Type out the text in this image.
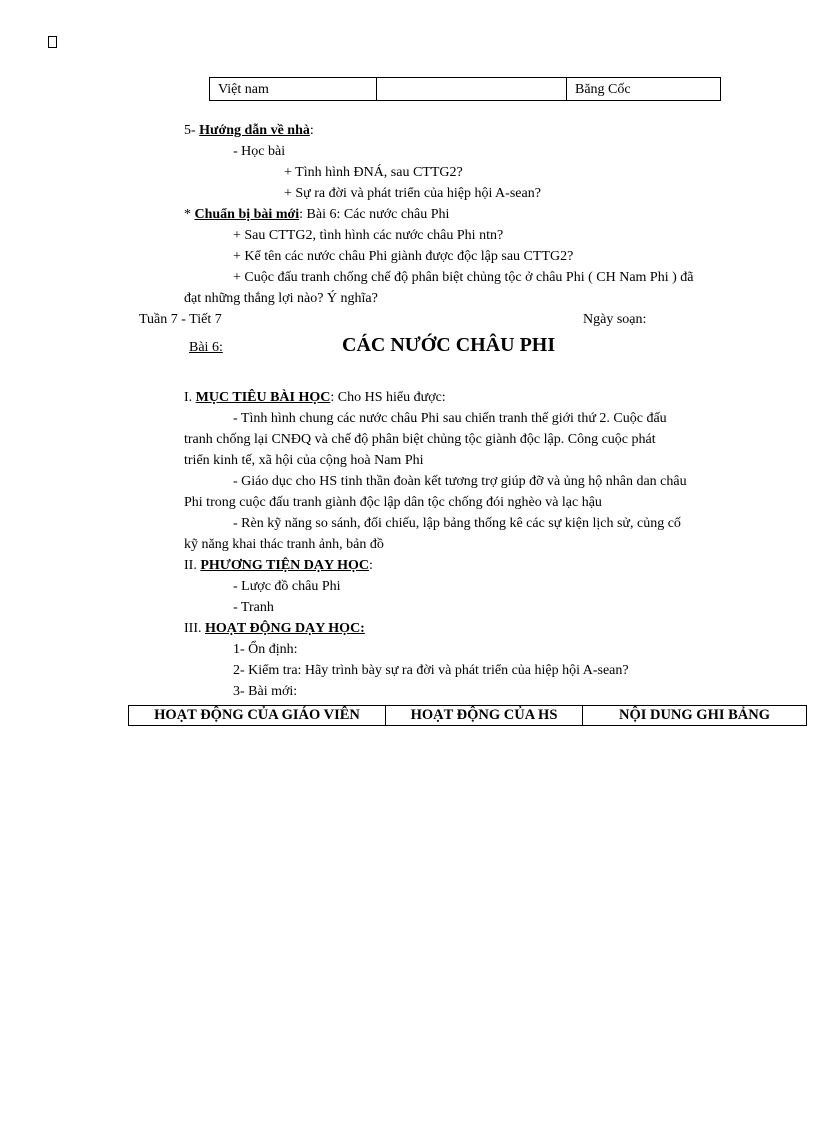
Việt nam		Băng Cốc
5- Hướng dẫn về nhà:
- Học bài
+ Tình hình ĐNÁ, sau CTTG2?
+ Sự ra đời và phát triển của hiệp hội A-sean?
* Chuẩn bị bài mới: Bài 6: Các nước châu Phi
+ Sau CTTG2, tình hình các nước châu Phi ntn?
+ Kể tên các nước châu Phi giành được độc lập sau CTTG2?
+ Cuộc đấu tranh chống chế độ phân biệt chủng tộc ở châu Phi ( CH Nam Phi ) đã
đạt những thắng lợi nào? Ý nghĩa?
Tuần 7 - Tiết 7	Ngày soạn:
Bài 6:	CÁC NƯỚC CHÂU PHI
I. MỤC TIÊU BÀI HỌC: Cho HS hiểu được:
- Tình hình chung các nước châu Phi sau chiến tranh thế giới thứ 2. Cuộc đấu
tranh chống lại CNĐQ và chế độ phân biệt chủng tộc giành độc lập. Công cuộc phát
triển kinh tế, xã hội của cộng hoà Nam Phi
- Giáo dục cho HS tinh thần đoàn kết tương trợ giúp đỡ và ủng hộ nhân dan châu
Phi trong cuộc đấu tranh giành độc lập dân tộc chống đói nghèo và lạc hậu
- Rèn kỹ năng so sánh, đối chiếu, lập bảng thống kê các sự kiện lịch sử, củng cố
kỹ năng khai thác tranh ảnh, bản đồ
II. PHƯƠNG TIỆN DẠY HỌC:
- Lược đồ châu Phi
- Tranh
III. HOẠT ĐỘNG DẠY HỌC:
1- Ổn định:
2- Kiểm tra: Hãy trình bày sự ra đời và phát triển của hiệp hội A-sean?
3- Bài mới:
HOẠT ĐỘNG CỦA GIÁO VIÊN	HOẠT ĐỘNG CỦA HS	NỘI DUNG GHI BẢNG
